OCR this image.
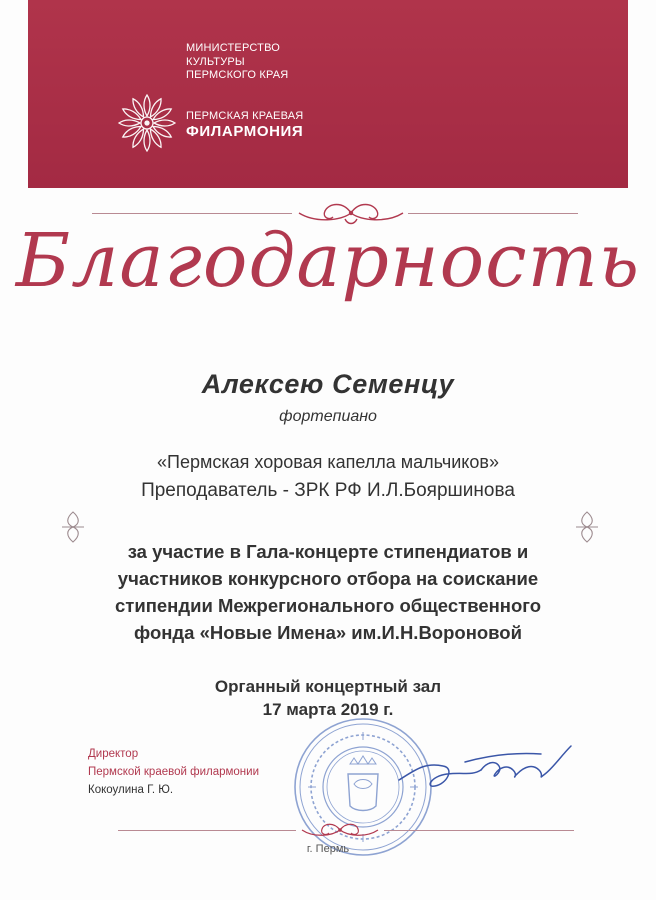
МИНИСТЕРСТВО
КУЛЬТУРЫ
ПЕРМСКОГО КРАЯ
ПЕРМСКАЯ КРАЕВАЯ
ФИЛАРМОНИЯ
Благодарность
Алексею Семенцу
фортепиано
«Пермская хоровая капелла мальчиков»
Преподаватель - ЗРК РФ И.Л.Бояршинова
за участие в Гала-концерте стипендиатов и
участников конкурсного отбора на соискание
стипендии Межрегионального общественного
фонда «Новые Имена» им.И.Н.Вороновой
Органный концертный зал
17 марта 2019 г.
Директор
Пермской краевой филармонии
Кокоулина Г. Ю.
г. Пермь
